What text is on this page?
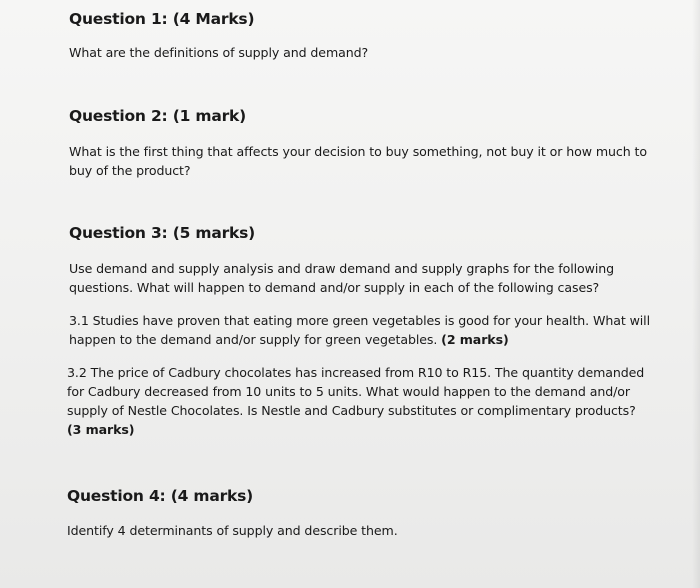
Question 1: (4 Marks)
What are the definitions of supply and demand?
Question 2: (1 mark)
What is the first thing that affects your decision to buy something, not buy it or how much to buy of the product?
Question 3: (5 marks)
Use demand and supply analysis and draw demand and supply graphs for the following questions. What will happen to demand and/or supply in each of the following cases?
3.1 Studies have proven that eating more green vegetables is good for your health. What will happen to the demand and/or supply for green vegetables. (2 marks)
3.2 The price of Cadbury chocolates has increased from R10 to R15. The quantity demanded for Cadbury decreased from 10 units to 5 units. What would happen to the demand and/or supply of Nestle Chocolates. Is Nestle and Cadbury substitutes or complimentary products?
(3 marks)
Question 4: (4 marks)
Identify 4 determinants of supply and describe them.
